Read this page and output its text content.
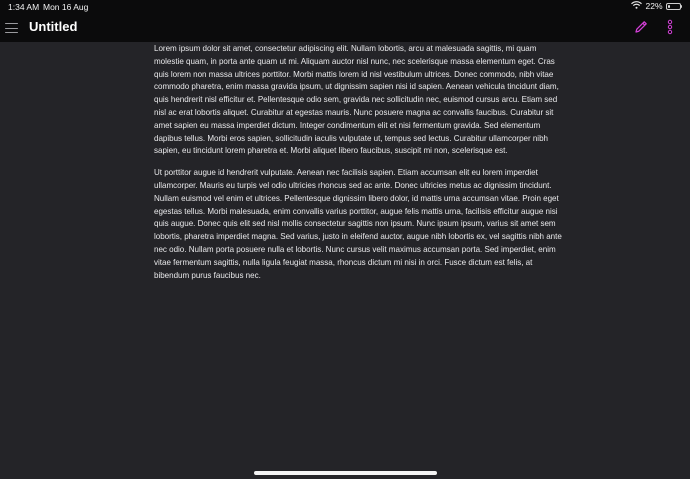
1:34 AM Mon 16 Aug	22%
Untitled

Lorem ipsum dolor sit amet, consectetur adipiscing elit. Nullam lobortis, arcu at malesuada sagittis, mi quam molestie quam, in porta ante quam ut mi. Aliquam auctor nisl nunc, nec scelerisque massa elementum eget. Cras quis lorem non massa ultrices porttitor. Morbi mattis lorem id nisl vestibulum ultrices. Donec commodo, nibh vitae commodo pharetra, enim massa gravida ipsum, ut dignissim sapien nisi id sapien. Aenean vehicula tincidunt diam, quis hendrerit nisl efficitur et. Pellentesque odio sem, gravida nec sollicitudin nec, euismod cursus arcu. Etiam sed nisl ac erat lobortis aliquet. Curabitur at egestas mauris. Nunc posuere magna ac convallis faucibus. Curabitur sit amet sapien eu massa imperdiet dictum. Integer condimentum elit et nisi fermentum gravida. Sed elementum dapibus tellus. Morbi eros sapien, sollicitudin iaculis vulputate ut, tempus sed lectus. Curabitur ullamcorper nibh sapien, eu tincidunt lorem pharetra et. Morbi aliquet libero faucibus, suscipit mi non, scelerisque est.

Ut porttitor augue id hendrerit vulputate. Aenean nec facilisis sapien. Etiam accumsan elit eu lorem imperdiet ullamcorper. Mauris eu turpis vel odio ultricies rhoncus sed ac ante. Donec ultricies metus ac dignissim tincidunt. Nullam euismod vel enim et ultrices. Pellentesque dignissim libero dolor, id mattis urna accumsan vitae. Proin eget egestas tellus. Morbi malesuada, enim convallis varius porttitor, augue felis mattis urna, facilisis efficitur augue nisi quis augue. Donec quis elit sed nisl mollis consectetur sagittis non ipsum. Nunc ipsum ipsum, varius sit amet sem lobortis, pharetra imperdiet magna. Sed varius, justo in eleifend auctor, augue nibh lobortis ex, vel sagittis nibh ante nec odio. Nullam porta posuere nulla et lobortis. Nunc cursus velit maximus accumsan porta. Sed imperdiet, enim vitae fermentum sagittis, nulla ligula feugiat massa, rhoncus dictum mi nisi in orci. Fusce dictum est felis, at bibendum purus faucibus nec.
